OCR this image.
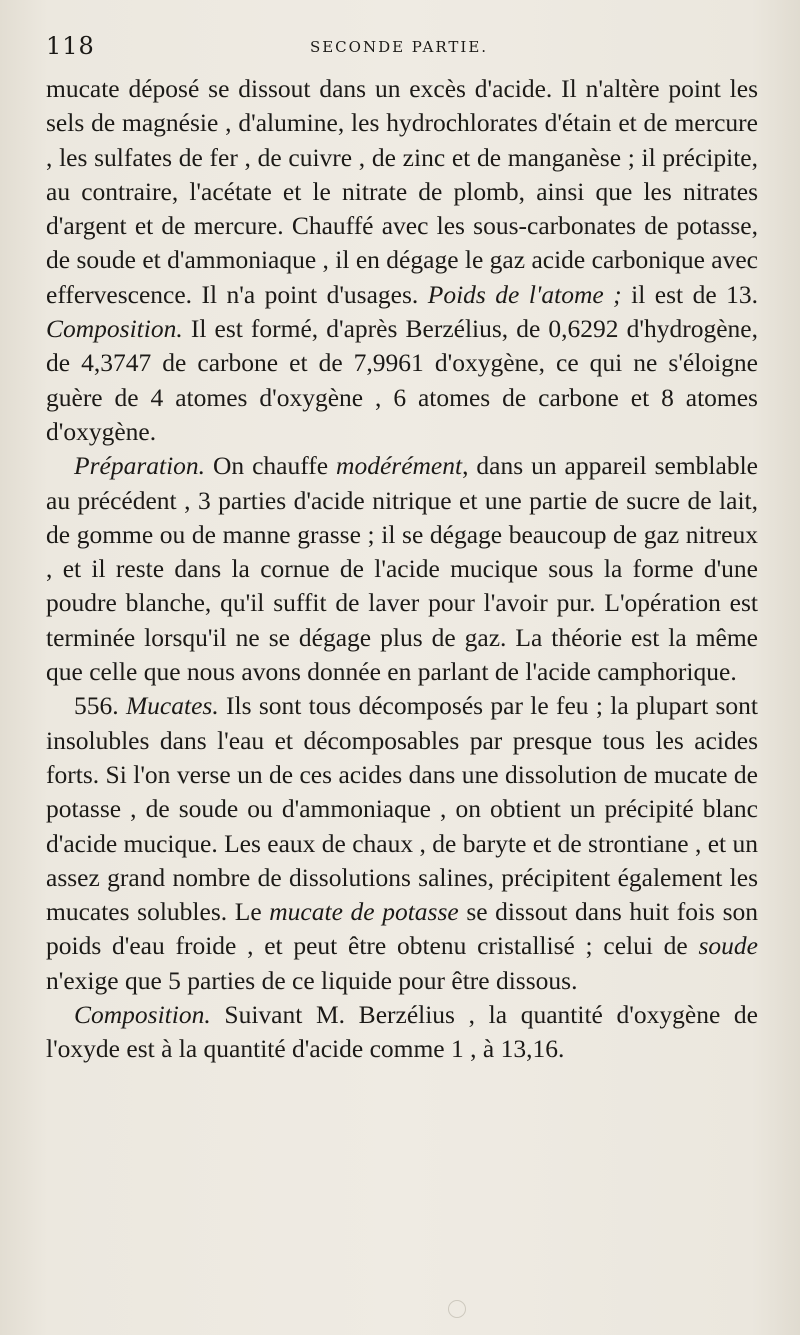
118	SECONDE PARTIE.

mucate déposé se dissout dans un excès d'acide. Il n'altère point les sels de magnésie , d'alumine, les hydrochlorates d'étain et de mercure , les sulfates de fer , de cuivre , de zinc et de manganèse ; il précipite, au contraire, l'acétate et le nitrate de plomb, ainsi que les nitrates d'argent et de mercure. Chauffé avec les sous-carbonates de potasse, de soude et d'ammoniaque , il en dégage le gaz acide carbonique avec effervescence. Il n'a point d'usages. Poids de l'atome ; il est de 13. Composition. Il est formé, d'après Berzélius, de 0,6292 d'hydrogène, de 4,3747 de carbone et de 7,9961 d'oxygène, ce qui ne s'éloigne guère de 4 atomes d'oxygène , 6 atomes de carbone et 8 atomes d'oxygène.

Préparation. On chauffe modérément, dans un appareil semblable au précédent , 3 parties d'acide nitrique et une partie de sucre de lait, de gomme ou de manne grasse ; il se dégage beaucoup de gaz nitreux , et il reste dans la cornue de l'acide mucique sous la forme d'une poudre blanche, qu'il suffit de laver pour l'avoir pur. L'opération est terminée lorsqu'il ne se dégage plus de gaz. La théorie est la même que celle que nous avons donnée en parlant de l'acide camphorique.

556. Mucates. Ils sont tous décomposés par le feu ; la plupart sont insolubles dans l'eau et décomposables par presque tous les acides forts. Si l'on verse un de ces acides dans une dissolution de mucate de potasse , de soude ou d'ammoniaque , on obtient un précipité blanc d'acide mucique. Les eaux de chaux , de baryte et de strontiane , et un assez grand nombre de dissolutions salines, précipitent également les mucates solubles. Le mucate de potasse se dissout dans huit fois son poids d'eau froide , et peut être obtenu cristallisé ; celui de soude n'exige que 5 parties de ce liquide pour être dissous.

Composition. Suivant M. Berzélius , la quantité d'oxygène de l'oxyde est à la quantité d'acide comme 1 , à 13,16.
